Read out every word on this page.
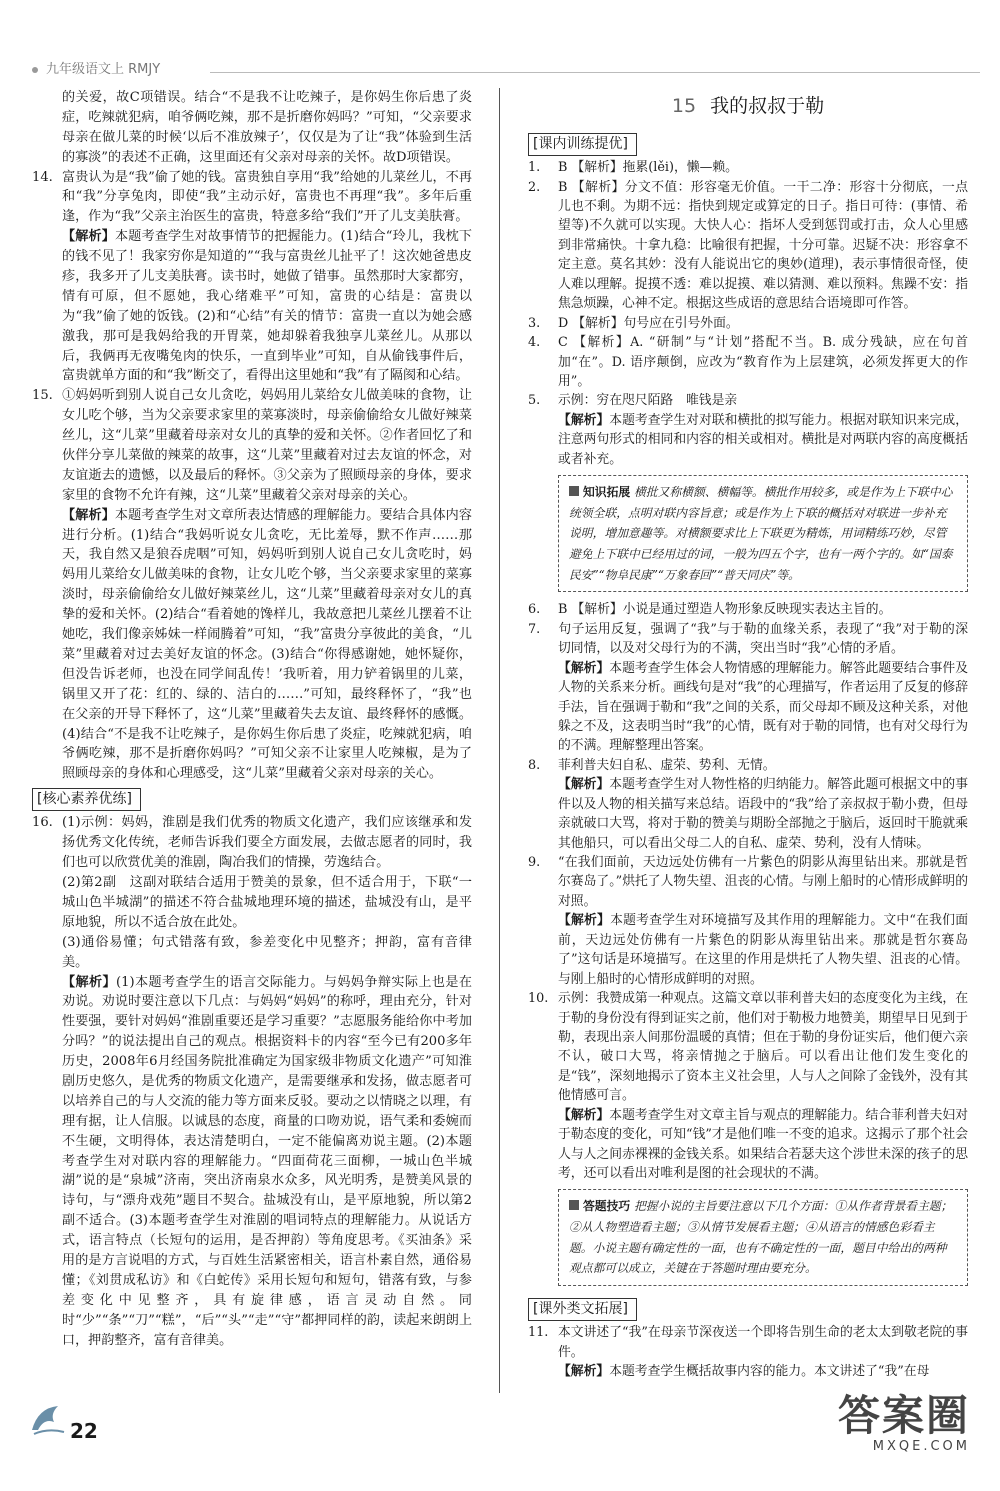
九年级语文上 RMJY

的关爱，故C项错误。结合“不是我不让吃辣子，是你妈生你后患了炎症，吃辣就犯病，咱爷俩吃辣，那不是折磨你妈吗？”可知，“父亲要求母亲在做儿菜的时候‘以后不准放辣子’，仅仅是为了让“我”体验到生活的寡淡”的表述不正确，这里面还有父亲对母亲的关怀。故D项错误。

14. 富贵认为是“我”偷了她的钱。富贵独自享用“我”给她的儿菜丝儿，不再和“我”分享兔肉，即使“我”主动示好，富贵也不再理“我”。多年后重逢，作为“我”父亲主治医生的富贵，特意多给“我们”开了儿支美肤膏。

【解析】本题考查学生对故事情节的把握能力。(1)结合“玲儿，我枕下的钱不见了！我家穷你是知道的”“我与富贵丝儿扯平了！这次她爸患皮疹，我多开了儿支美肤膏。读书时，她做了错事。虽然那时大家都穷，情有可原，但不愿她，我心绪难平”可知，富贵的心结是：富贵以为“我”偷了她的饭钱。(2)和“心结”有关的情节：富贵一直以为她会感激我，那可是我妈给我的开胃菜，她却躲着我独享儿菜丝儿。从那以后，我俩再无夜嘴兔肉的快乐，一直到毕业”可知，自从偷钱事件后，富贵就单方面的和“我”断交了，看得出这里她和“我”有了隔阂和心结。

15. ①妈妈听到别人说自己女儿贪吃，妈妈用儿菜给女儿做美味的食物，让女儿吃个够，当为父亲要求家里的菜寡淡时，母亲偷偷给女儿做好辣菜丝儿，这“儿菜”里藏着母亲对女儿的真挚的爱和关怀。②作者回忆了和伙伴分享儿菜做的辣菜的故事，这“儿菜”里藏着对过去友谊的怀念，对友谊逝去的遗憾，以及最后的释怀。③父亲为了照顾母亲的身体，要求家里的食物不允许有辣，这“儿菜”里藏着父亲对母亲的关心。

【解析】本题考查学生对文章所表达情感的理解能力。要结合具体内容进行分析。(1)结合“我妈听说女儿贪吃，无比羞辱，默不作声……那天，我自然又是狼吞虎咽”可知，妈妈听到别人说自己女儿贪吃时，妈妈用儿菜给女儿做美味的食物，让女儿吃个够，当父亲要求家里的菜寡淡时，母亲偷偷给女儿做好辣菜丝儿，这“儿菜”里藏着母亲对女儿的真挚的爱和关怀。(2)结合“看着她的馋样儿，我故意把儿菜丝儿摆着不让她吃，我们像亲姊妹一样闹腾着”可知，“我”富贵分享彼此的美食，“儿菜”里藏着对过去美好友谊的怀念。(3)结合“你得感谢她，她怀疑你，但没告诉老师，也没在同学间乱传！’我听着，用力铲着锅里的儿菜，锅里又开了花：红的、绿的、洁白的……”可知，最终释怀了，“我”也在父亲的开导下释怀了，这“儿菜”里藏着失去友谊、最终释怀的感慨。(4)结合“不是我不让吃辣子，是你妈生你后患了炎症，吃辣就犯病，咱爷俩吃辣，那不是折磨你妈吗？”可知父亲不让家里人吃辣椒，是为了照顾母亲的身体和心理感受，这“儿菜”里藏着父亲对母亲的关心。

[ 核心素养优练 ]

16. (1)示例：妈妈，淮剧是我们优秀的物质文化遗产，我们应该继承和发扬优秀文化传统，老师告诉我们要全方面发展，去做志愿者的同时，我们也可以欣赏优美的淮剧，陶冶我们的情操，劳逸结合。

(2)第2副　这副对联结合适用于赞美的景象，但不适合用于，下联“一城山色半城湖”的描述不符合盐城地理环境的描述，盐城没有山，是平原地貌，所以不适合放在此处。

(3)通俗易懂；句式错落有致，参差变化中见整齐；押韵，富有音律美。

【解析】(1)本题考查学生的语言交际能力。与妈妈争辩实际上也是在劝说。劝说时要注意以下几点：与妈妈“妈妈”的称呼，理由充分，针对性要强，要针对妈妈“淮剧重要还是学习重要？”志愿服务能给你中考加分吗？”的说法提出自己的观点。根据资料卡的内容“至今已有200多年历史，2008年6月经国务院批准确定为国家级非物质文化遗产”可知淮剧历史悠久，是优秀的物质文化遗产，是需要继承和发扬，做志愿者可以培养自己的与人交流的能力等方面来反驳。要动之以情晓之以理，有理有据，让人信服。以诚恳的态度，商量的口吻劝说，语气柔和委婉而不生硬，文明得体，表达清楚明白，一定不能偏离劝说主题。(2)本题考查学生对对联内容的理解能力。“四面荷花三面柳，一城山色半城湖”说的是“泉城”济南，突出济南泉水众多，风光明秀，是赞美风景的诗句，与“漂舟戏苑”题目不契合。盐城没有山，是平原地貌，所以第2副不适合。(3)本题考查学生对淮剧的唱词特点的理解能力。从说话方式，语言特点（长短句的运用，是否押韵）等角度思考。《买油条》采用的是方言说唱的方式，与百姓生活紧密相关，语言朴素自然，通俗易懂；《刘贯成私访》和《白蛇传》采用长短句和短句，错落有致，与参差变化中见整齐，具有旋律感，语言灵动自然。同时“少”“条”“刀”“糕”，“后”“头”“走”“守”都押同样的韵，读起来朗朗上口，押韵整齐，富有音律美。

15 我的叔叔于勒
[ 课内训练提优 ]

1. B 【解析】拖累(lěi)，懒—赖。

2. B 【解析】分文不值：形容毫无价值。一干二净：形容十分彻底，一点儿也不剩。为期不远：指快到规定或算定的日子。指日可待：(事情、希望等)不久就可以实现。大快人心：指坏人受到惩罚或打击，众人心里感到非常痛快。十拿九稳：比喻很有把握，十分可靠。迟疑不决：形容拿不定主意。莫名其妙：没有人能说出它的奥妙(道理)，表示事情很奇怪，使人难以理解。捉摸不透：难以捉摸、难以猜测、难以预料。焦躁不安：指焦急烦躁，心神不定。根据这些成语的意思结合语境即可作答。

3. D 【解析】句号应在引号外面。

4. C 【解析】A. “研制”与“计划”搭配不当。B. 成分残缺，应在句首加“在”。D. 语序颠倒，应改为“教育作为上层建筑，必须发挥更大的作用”。

5. 示例：穷在咫尺陌路　唯钱是亲

【解析】本题考查学生对对联和横批的拟写能力。根据对联知识来完成，注意两句形式的相同和内容的相关或相对。横批是对两联内容的高度概括或者补充。

知识拓展 横批又称横额、横幅等。横批作用较多，或是作为上下联中心统领全联，点明对联内容旨意；或是作为上下联的概括对对联进一步补充说明，增加意趣等。对横额要求比上下联更为精炼，用词精练巧妙，尽管避免上下联中已经用过的词，一般为四五个字，也有一两个字的。如“国泰民安”“物阜民康”“万象春回”“普天同庆”等。

6. B 【解析】小说是通过塑造人物形象反映现实表达主旨的。

7. 句子运用反复，强调了“我”与于勒的血缘关系，表现了“我”对于勒的深切同情，以及对父母行为的不满，突出当时“我”心情的矛盾。

【解析】本题考查学生体会人物情感的理解能力。解答此题要结合事件及人物的关系来分析。画线句是对“我”的心理描写，作者运用了反复的修辞手法，旨在强调于勒和“我”之间的关系，而父母却不顾及这种关系，对他躲之不及，这表明当时“我”的心情，既有对于勒的同情，也有对父母行为的不满。理解整理出答案。

8. 菲利普夫妇自私、虚荣、势利、无情。

【解析】本题考查学生对人物性格的归纳能力。解答此题可根据文中的事件以及人物的相关描写来总结。语段中的“我”给了亲叔叔于勒小费，但母亲就破口大骂，将对于勒的赞美与期盼全部抛之于脑后，返回时干脆就乘其他船只，可以看出父母二人的自私、虚荣、势利，没有人情味。

9. “在我们面前，天边远处仿佛有一片紫色的阴影从海里钻出来。那就是哲尔赛岛了。”烘托了人物失望、沮丧的心情。与刚上船时的心情形成鲜明的对照。

【解析】本题考查学生对环境描写及其作用的理解能力。文中“在我们面前，天边远处仿佛有一片紫色的阴影从海里钻出来。那就是哲尔赛岛了”这句话是环境描写。在这里的作用是烘托了人物失望、沮丧的心情。与刚上船时的心情形成鲜明的对照。

10. 示例：我赞成第一种观点。这篇文章以菲利普夫妇的态度变化为主线，在于勒的身份没有得到证实之前，他们对于勒极力地赞美，期望早日见到于勒，表现出亲人间那份温暖的真情；但在于勒的身份证实后，他们便六亲不认，破口大骂，将亲情抛之于脑后。可以看出让他们发生变化的是“钱”，深刻地揭示了资本主义社会里，人与人之间除了金钱外，没有其他情感可言。

【解析】本题考查学生对文章主旨与观点的理解能力。结合菲利普夫妇对于勒态度的变化，可知“钱”才是他们唯一不变的追求。这揭示了那个社会人与人之间赤裸裸的金钱关系。如果结合若瑟夫这个涉世未深的孩子的思考，还可以看出对唯利是图的社会现状的不满。

答题技巧 把握小说的主旨要注意以下几个方面：①从作者背景看主题；②从人物塑造看主题；③从情节发展看主题；④从语言的情感色彩看主题。小说主题有确定性的一面，也有不确定性的一面，题目中给出的两种观点都可以成立，关键在于答题时理由要充分。
[ 课外类文拓展 ]

11. 本文讲述了“我”在母亲节深夜送一个即将告别生命的老太太到敬老院的事件。

【解析】本题考查学生概括故事内容的能力。本文讲述了“我”在母

22	答案圈
MXQE.COM
